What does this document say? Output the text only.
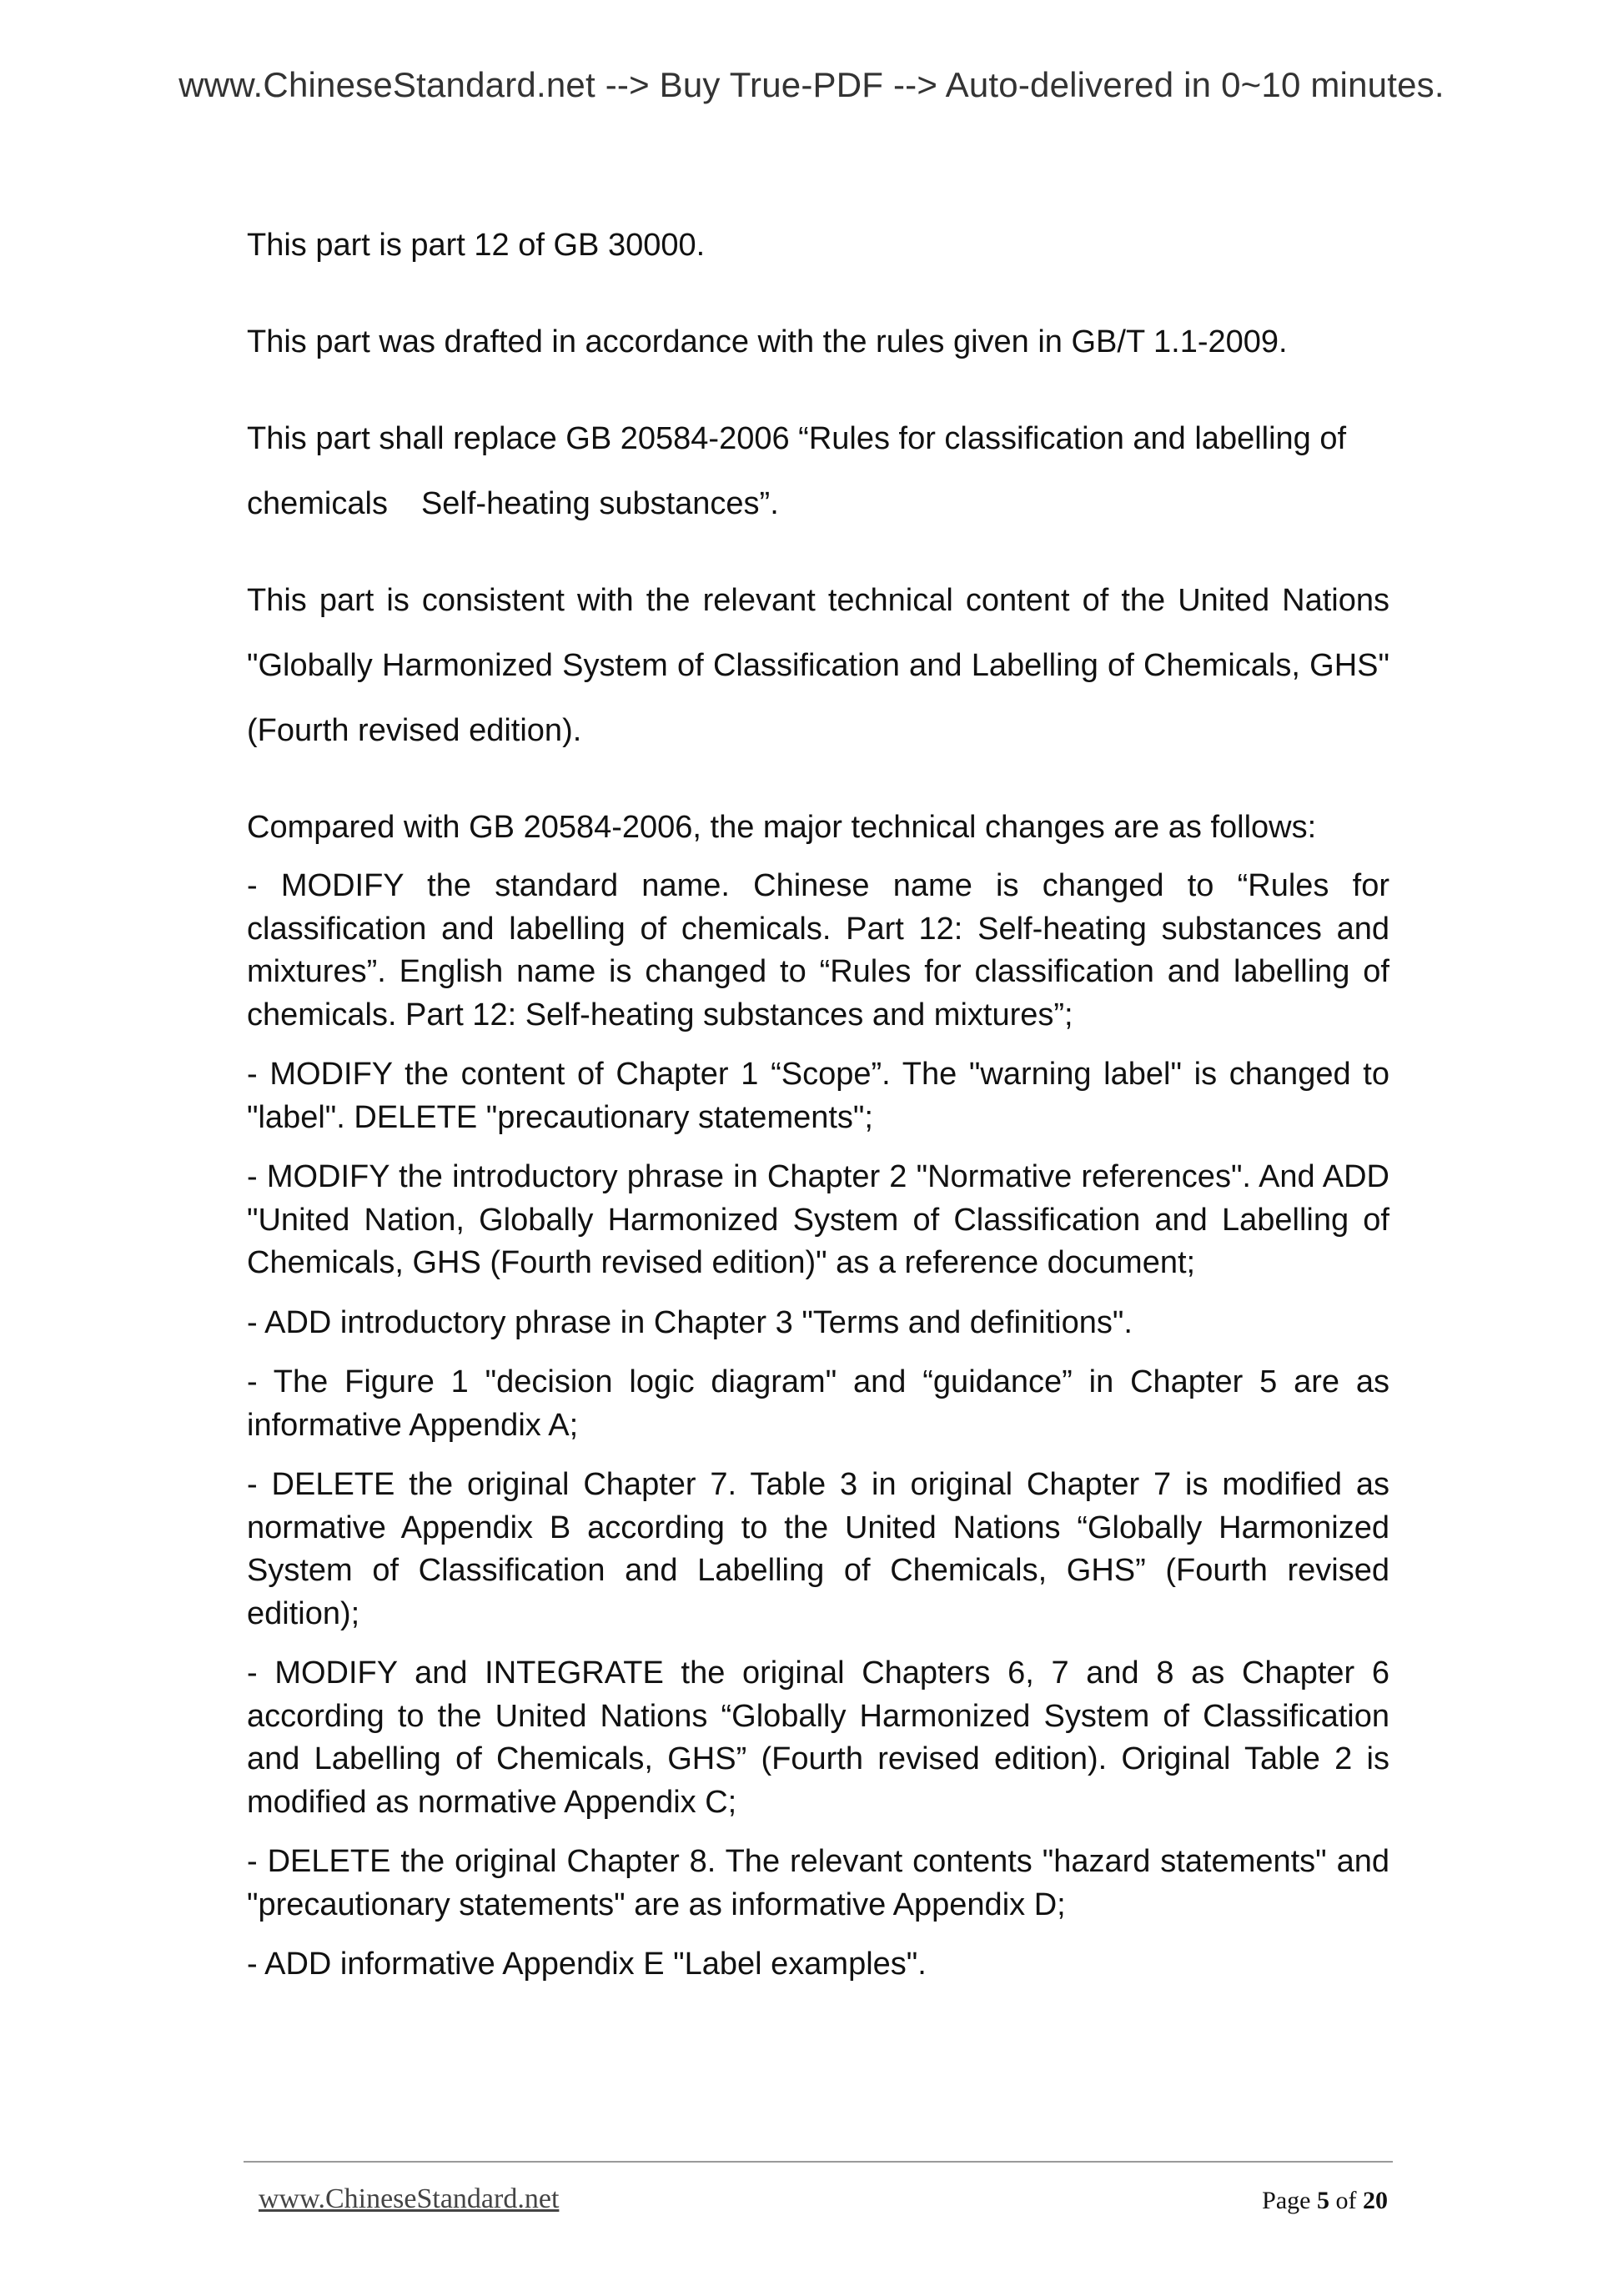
www.ChineseStandard.net --> Buy True-PDF --> Auto-delivered in 0~10 minutes.

This part is part 12 of GB 30000.

This part was drafted in accordance with the rules given in GB/T 1.1-2009.

This part shall replace GB 20584-2006 “Rules for classification and labelling of
chemicals Self-heating substances”.

This part is consistent with the relevant technical content of the United Nations "Globally Harmonized System of Classification and Labelling of Chemicals, GHS" (Fourth revised edition).

Compared with GB 20584-2006, the major technical changes are as follows:

- MODIFY the standard name. Chinese name is changed to “Rules for classification and labelling of chemicals. Part 12: Self-heating substances and mixtures”. English name is changed to “Rules for classification and labelling of chemicals. Part 12: Self-heating substances and mixtures”;
- MODIFY the content of Chapter 1 “Scope”. The "warning label" is changed to "label". DELETE "precautionary statements";
- MODIFY the introductory phrase in Chapter 2 "Normative references". And ADD "United Nation, Globally Harmonized System of Classification and Labelling of Chemicals, GHS (Fourth revised edition)" as a reference document;
- ADD introductory phrase in Chapter 3 "Terms and definitions".
- The Figure 1 "decision logic diagram" and “guidance” in Chapter 5 are as informative Appendix A;
- DELETE the original Chapter 7. Table 3 in original Chapter 7 is modified as normative Appendix B according to the United Nations “Globally Harmonized System of Classification and Labelling of Chemicals, GHS” (Fourth revised edition);
- MODIFY and INTEGRATE the original Chapters 6, 7 and 8 as Chapter 6 according to the United Nations “Globally Harmonized System of Classification and Labelling of Chemicals, GHS” (Fourth revised edition). Original Table 2 is modified as normative Appendix C;
- DELETE the original Chapter 8. The relevant contents "hazard statements" and "precautionary statements" are as informative Appendix D;
- ADD informative Appendix E "Label examples".
www.ChineseStandard.net	Page 5 of 20
